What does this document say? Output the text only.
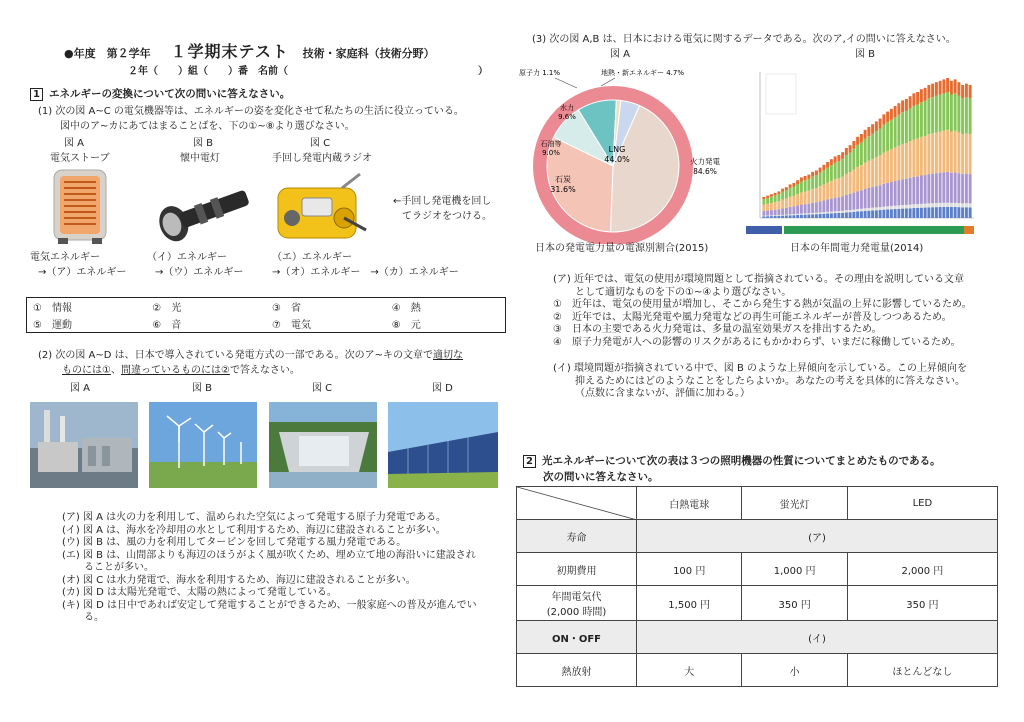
●年度　第２学年 １学期末テスト 技術・家庭科（技術分野）
２年（　　）組（　　）番　名前（　　　　　　　　　　　　　　　　　　　）
1 エネルギーの変換について次の問いに答えなさい。
(1) 次の図 A~C の電気機器等は、エネルギーの姿を変化させて私たちの生活に役立っている。
図中のア~カにあてはまることばを、下の①~⑧より選びなさい。
図 A	図 B	図 C
電気ストーブ	懐中電灯	手回し発電内蔵ラジオ
←手回し発電機を回し
てラジオをつける。
電気エネルギー
→（ア）エネルギー
（イ）エネルギー
→（ウ）エネルギー
（エ）エネルギー
→（オ）エネルギー　→（カ）エネルギー
①　情報	②　光	③　省	④　熱
⑤　運動	⑥　音	⑦　電気	⑧　元
(2) 次の図 A~D は、日本で導入されている発電方式の一部である。次のア~キの文章で適切な
ものには①、間違っているものには②で答えなさい。
図 A	図 B	図 C	図 D
(ア) 図 A は火の力を利用して、温められた空気によって発電する原子力発電である。
(イ) 図 A は、海水を冷却用の水として利用するため、海辺に建設されることが多い。
(ウ) 図 B は、風の力を利用してタービンを回して発電する風力発電である。
(エ) 図 B は、山間部よりも海辺のほうがよく風が吹くため、埋め立て地の海沿いに建設され
ることが多い。
(オ) 図 C は水力発電で、海水を利用するため、海辺に建設されることが多い。
(カ) 図 D は太陽光発電で、太陽の熱によって発電している。
(キ) 図 D は日中であれば安定して発電することができるため、一般家庭への普及が進んでい
る。
(3) 次の図 A,B は、日本における電気に関するデータである。次のア,イの問いに答えなさい。
図 A	図 B
LNG
44.0%
石炭
31.6%
石油等
9.0%
水力
9.6%
原子力 1.1%	地熱・新エネルギー 4.7%
火力発電
84.6%
日本の発電電力量の電源別割合(2015)	日本の年間電力発電量(2014)
(ア) 近年では、電気の使用が環境問題として指摘されている。その理由を説明している文章
として適切なものを下の①~④より選びなさい。
①　近年は、電気の使用量が増加し、そこから発生する熱が気温の上昇に影響しているため。
②　近年では、太陽光発電や風力発電などの再生可能エネルギーが普及しつつあるため。
③　日本の主要である火力発電は、多量の温室効果ガスを排出するため。
④　原子力発電が人への影響のリスクがあるにもかかわらず、いまだに稼働しているため。
(イ) 環境問題が指摘されている中で、図 B のような上昇傾向を示している。この上昇傾向を
抑えるためにはどのようなことをしたらよいか。あなたの考えを具体的に答えなさい。
（点数に含まないが、評価に加わる。）
2 光エネルギーについて次の表は３つの照明機器の性質についてまとめたものである。
次の問いに答えなさい。
	白熱電球	蛍光灯	LED
寿命	(ア)		
初期費用	100 円	1,000 円	2,000 円

年間電気代
(2,000 時間)	1,500 円	350 円	350 円
ON・OFF	(イ)		
熱放射	大	小	ほとんどなし
